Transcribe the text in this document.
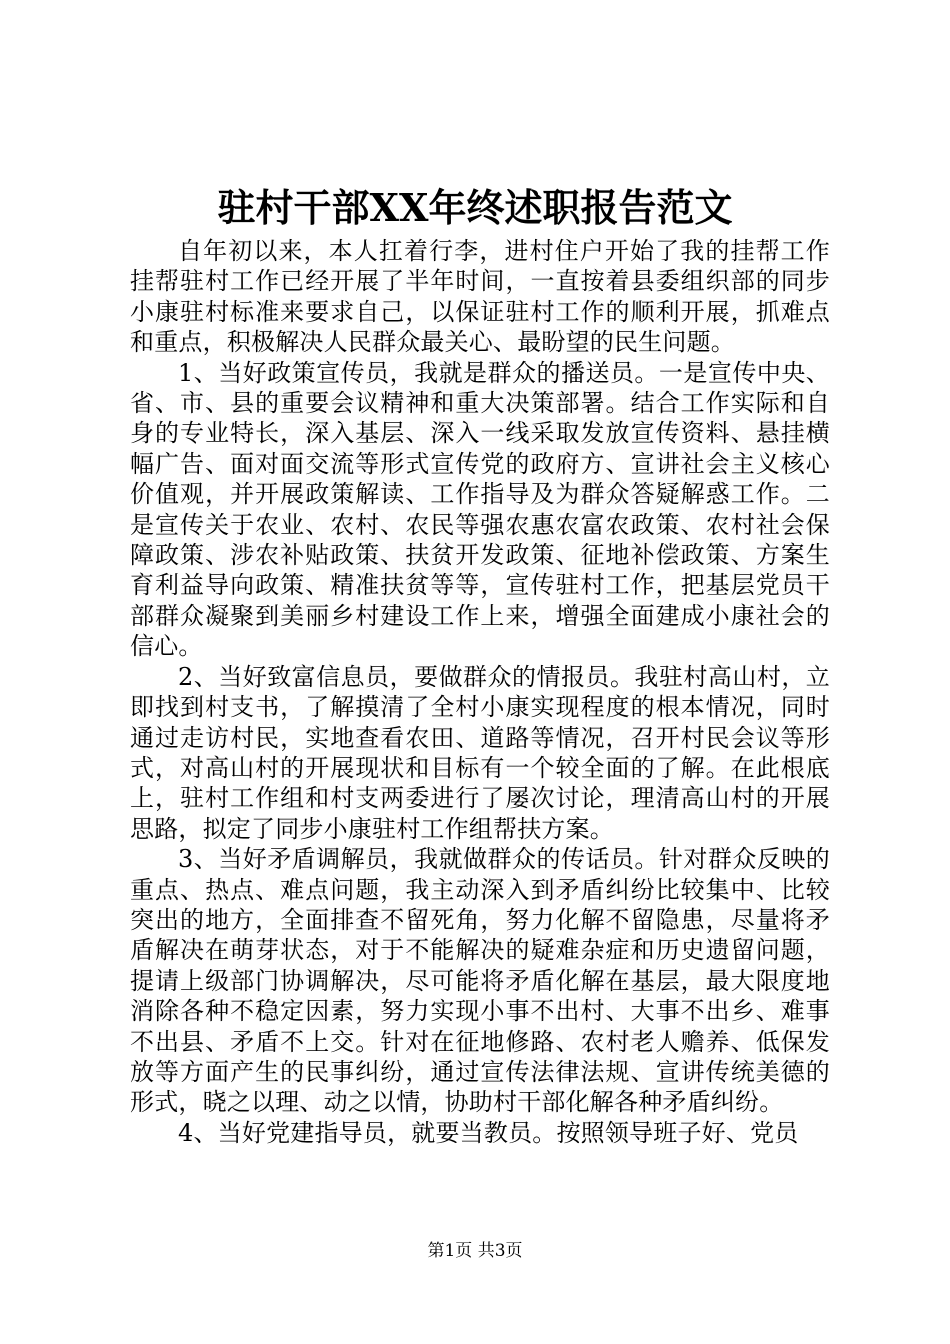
驻村干部XX年终述职报告范文

自年初以来，本人扛着行李，进村住户开始了我的挂帮工作挂帮驻村工作已经开展了半年时间，一直按着县委组织部的同步小康驻村标准来要求自己，以保证驻村工作的顺利开展，抓难点和重点，积极解决人民群众最关心、最盼望的民生问题。

1、当好政策宣传员，我就是群众的播送员。一是宣传中央、省、市、县的重要会议精神和重大决策部署。结合工作实际和自身的专业特长，深入基层、深入一线采取发放宣传资料、悬挂横幅广告、面对面交流等形式宣传党的政府方、宣讲社会主义核心价值观，并开展政策解读、工作指导及为群众答疑解惑工作。二是宣传关于农业、农村、农民等强农惠农富农政策、农村社会保障政策、涉农补贴政策、扶贫开发政策、征地补偿政策、方案生育利益导向政策、精准扶贫等等，宣传驻村工作，把基层党员干部群众凝聚到美丽乡村建设工作上来，增强全面建成小康社会的信心。

2、当好致富信息员，要做群众的情报员。我驻村高山村，立即找到村支书，了解摸清了全村小康实现程度的根本情况，同时通过走访村民，实地查看农田、道路等情况，召开村民会议等形式，对高山村的开展现状和目标有一个较全面的了解。在此根底上，驻村工作组和村支两委进行了屡次讨论，理清高山村的开展思路，拟定了同步小康驻村工作组帮扶方案。

3、当好矛盾调解员，我就做群众的传话员。针对群众反映的重点、热点、难点问题，我主动深入到矛盾纠纷比较集中、比较突出的地方，全面排查不留死角，努力化解不留隐患，尽量将矛盾解决在萌芽状态，对于不能解决的疑难杂症和历史遗留问题，提请上级部门协调解决，尽可能将矛盾化解在基层，最大限度地消除各种不稳定因素，努力实现小事不出村、大事不出乡、难事不出县、矛盾不上交。针对在征地修路、农村老人赡养、低保发放等方面产生的民事纠纷，通过宣传法律法规、宣讲传统美德的形式，晓之以理、动之以情，协助村干部化解各种矛盾纠纷。

4、当好党建指导员，就要当教员。按照领导班子好、党员

第1页 共3页
